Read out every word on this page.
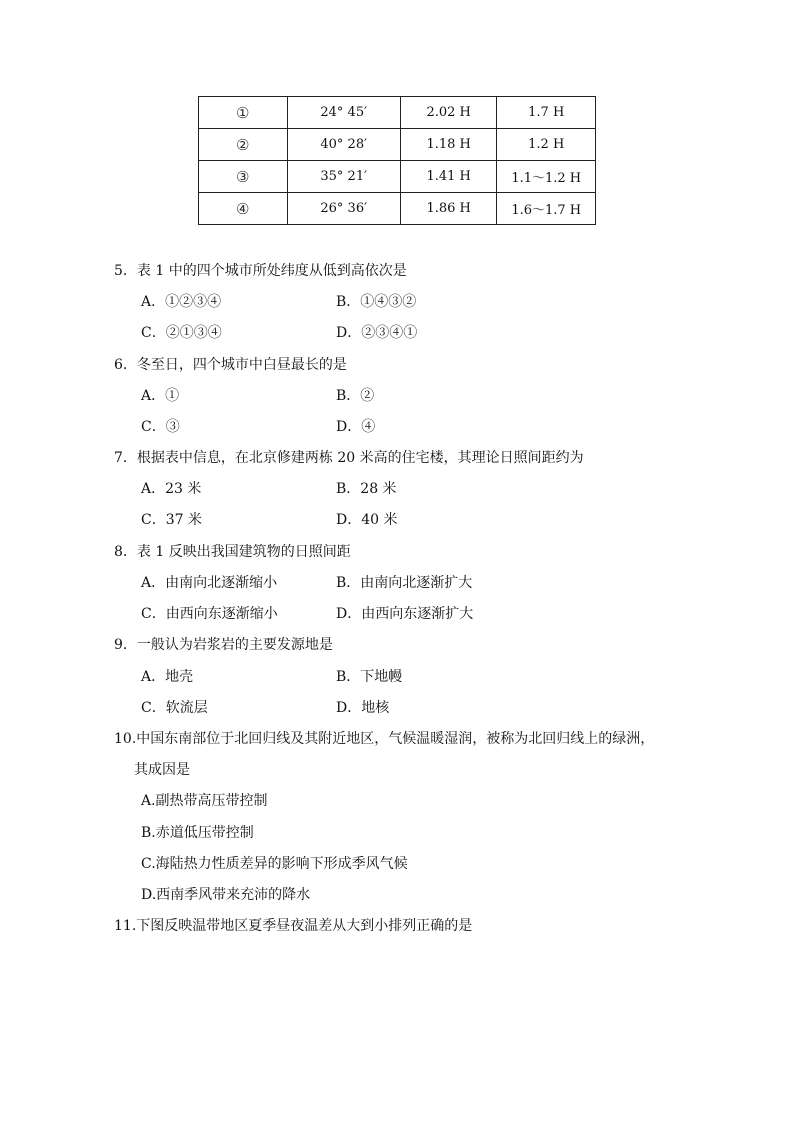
①	24° 45′	2.02 H	1.7 H
②	40° 28′	1.18 H	1.2 H
③	35° 21′	1.41 H	1.1～1.2 H
④	26° 36′	1.86 H	1.6～1.7 H
5．表 1 中的四个城市所处纬度从低到高依次是
A．①②③④	B．①④③②
C．②①③④	D．②③④①
6．冬至日，四个城市中白昼最长的是
A．①	B．②
C．③	D．④
7．根据表中信息，在北京修建两栋 20 米高的住宅楼，其理论日照间距约为
A．23 米	B．28 米
C．37 米	D．40 米
8．表 1 反映出我国建筑物的日照间距
A．由南向北逐渐缩小	B．由南向北逐渐扩大
C．由西向东逐渐缩小	D．由西向东逐渐扩大
9．一般认为岩浆岩的主要发源地是
A．地壳	B．下地幔
C．软流层	D．地核
10.中国东南部位于北回归线及其附近地区，气候温暖湿润，被称为北回归线上的绿洲，
其成因是
A.副热带高压带控制
B.赤道低压带控制
C.海陆热力性质差异的影响下形成季风气候
D.西南季风带来充沛的降水
11.下图反映温带地区夏季昼夜温差从大到小排列正确的是
